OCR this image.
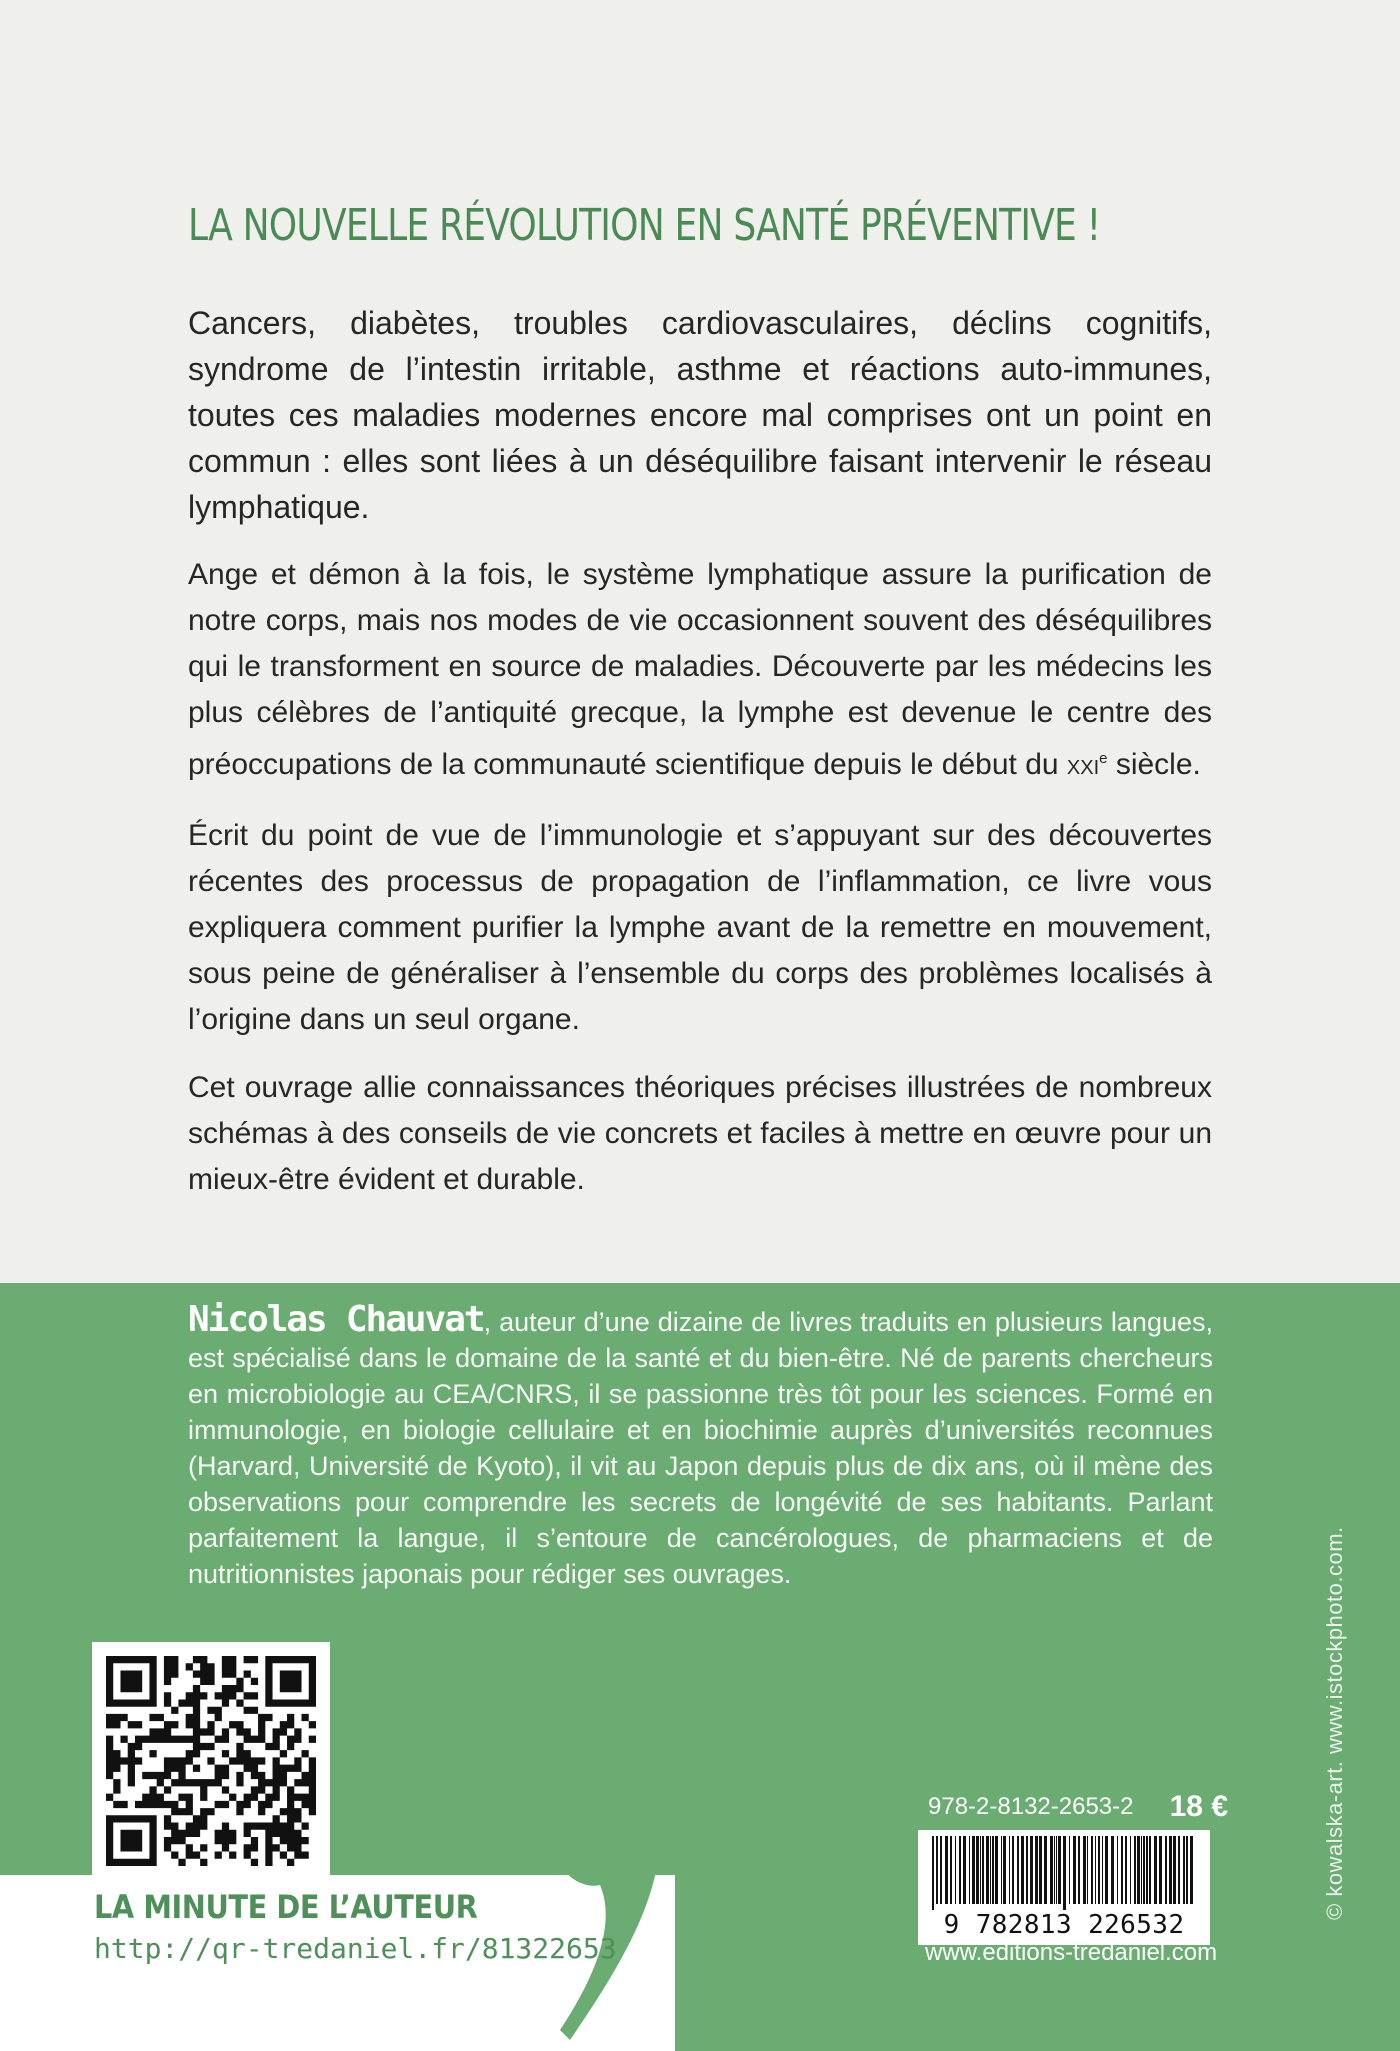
LA NOUVELLE RÉVOLUTION EN SANTÉ PRÉVENTIVE !

Cancers, diabètes, troubles cardiovasculaires, déclins cognitifs, syndrome de l’intestin irritable, asthme et réactions auto-immunes, toutes ces maladies modernes encore mal comprises ont un point en commun : elles sont liées à un déséquilibre faisant intervenir le réseau lymphatique.

Ange et démon à la fois, le système lymphatique assure la purification de notre corps, mais nos modes de vie occasionnent souvent des déséquilibres qui le transforment en source de maladies. Découverte par les médecins les plus célèbres de l’antiquité grecque, la lymphe est devenue le centre des préoccupations de la communauté scientifique depuis le début du XXIe siècle.

Écrit du point de vue de l’immunologie et s’appuyant sur des découvertes récentes des processus de propagation de l’inflammation, ce livre vous expliquera comment purifier la lymphe avant de la remettre en mouvement, sous peine de généraliser à l’ensemble du corps des problèmes localisés à l’origine dans un seul organe.

Cet ouvrage allie connaissances théoriques précises illustrées de nombreux schémas à des conseils de vie concrets et faciles à mettre en œuvre pour un mieux-être évident et durable.

Nicolas Chauvat, auteur d’une dizaine de livres traduits en plusieurs langues, est spécialisé dans le domaine de la santé et du bien-être. Né de parents chercheurs en microbiologie au CEA/CNRS, il se passionne très tôt pour les sciences. Formé en immunologie, en biologie cellulaire et en biochimie auprès d’universités reconnues (Harvard, Université de Kyoto), il vit au Japon depuis plus de dix ans, où il mène des observations pour comprendre les secrets de longévité de ses habitants. Parlant parfaitement la langue, il s’entoure de cancérologues, de pharmaciens et de nutritionnistes japonais pour rédiger ses ouvrages.	© kowalska-art. www.istockphoto.com.
LA MINUTE DE L’AUTEUR
http://qr-tredaniel.fr/81322653
978-2-8132-2653-2 18 €
9 782813 226532
www.editions-tredaniel.com
